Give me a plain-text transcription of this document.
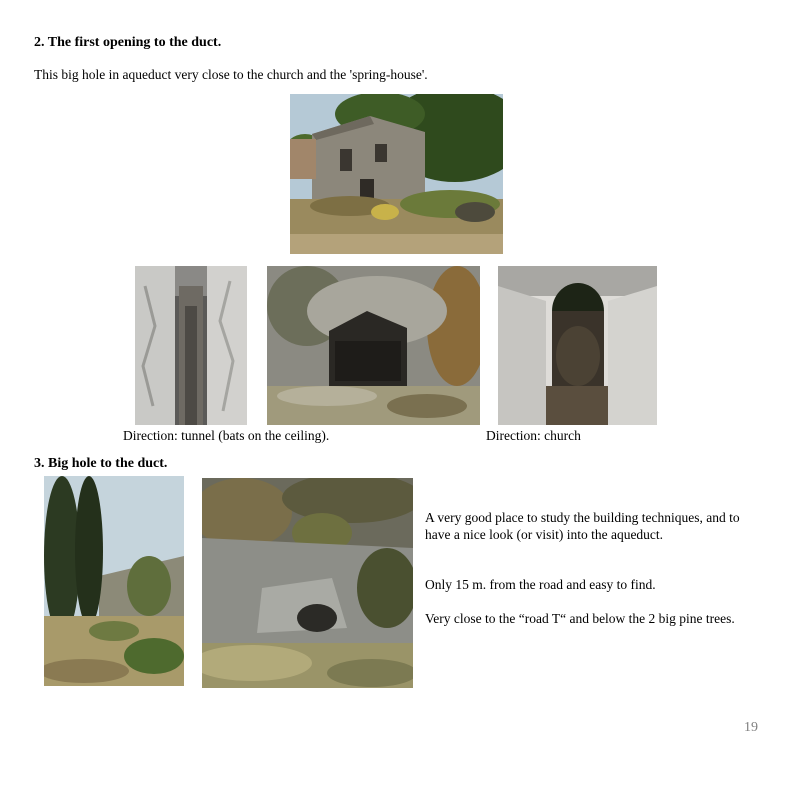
2. The first opening to the duct.
This big hole in aqueduct very close to the church and the 'spring-house'.
Direction: tunnel (bats on the ceiling).	Direction: church
3. Big hole to the duct.
A very good place to study the building techniques, and to have a nice look (or visit) into the aqueduct.
Only 15 m. from the road and easy to find.
Very close to the “road T“ and below the 2 big pine trees.
19
